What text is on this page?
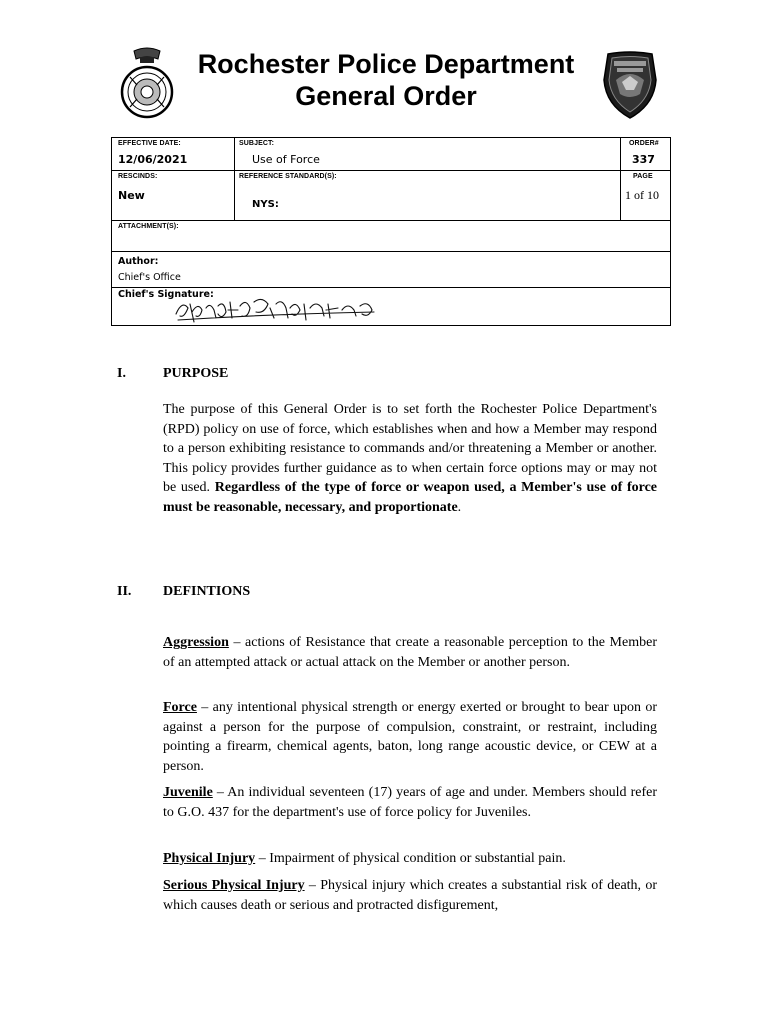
Rochester Police Department
General Order
EFFECTIVE DATE:
12/06/2021
SUBJECT:
Use of Force
ORDER#
337
RESCINDS:
New
REFERENCE STANDARD(S):
NYS:
PAGE
1 of 10
ATTACHMENT(S):
Author:
Chief's Office
Chief's Signature:
I.	PURPOSE
The purpose of this General Order is to set forth the Rochester Police Department's (RPD) policy on use of force, which establishes when and how a Member may respond to a person exhibiting resistance to commands and/or threatening a Member or another. This policy provides further guidance as to when certain force options may or may not be used. Regardless of the type of force or weapon used, a Member's use of force must be reasonable, necessary, and proportionate.
II. DEFINTIONS
Aggression – actions of Resistance that create a reasonable perception to the Member of an attempted attack or actual attack on the Member or another person.
Force – any intentional physical strength or energy exerted or brought to bear upon or against a person for the purpose of compulsion, constraint, or restraint, including pointing a firearm, chemical agents, baton, long range acoustic device, or CEW at a person.
Juvenile – An individual seventeen (17) years of age and under. Members should refer to G.O. 437 for the department's use of force policy for Juveniles.
Physical Injury – Impairment of physical condition or substantial pain.
Serious Physical Injury – Physical injury which creates a substantial risk of death, or which causes death or serious and protracted disfigurement,
